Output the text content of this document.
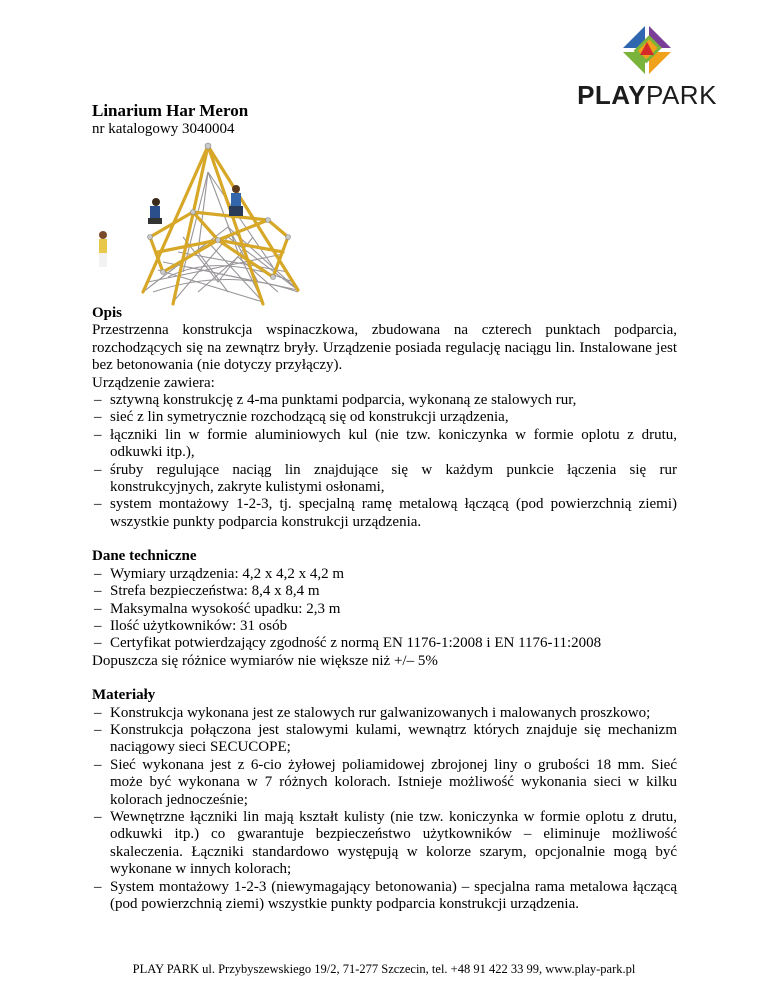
PLAYPARK
Linarium Har Meron
nr katalogowy 3040004
Opis

Przestrzenna konstrukcja wspinaczkowa, zbudowana na czterech punktach podparcia, rozchodzących się na zewnątrz bryły. Urządzenie posiada regulację naciągu lin. Instalowane jest bez betonowania (nie dotyczy przyłączy).

Urządzenie zawiera:

– sztywną konstrukcję z 4-ma punktami podparcia, wykonaną ze stalowych rur,
– sieć z lin symetrycznie rozchodzącą się od konstrukcji urządzenia,
– łączniki lin w formie aluminiowych kul (nie tzw. koniczynka w formie oplotu z drutu, odkuwki itp.),
– śruby regulujące naciąg lin znajdujące się w każdym punkcie łączenia się rur konstrukcyjnych, zakryte kulistymi osłonami,
– system montażowy 1-2-3, tj. specjalną ramę metalową łączącą (pod powierzchnią ziemi) wszystkie punkty podparcia konstrukcji urządzenia.
Dane techniczne
– Wymiary urządzenia: 4,2 x 4,2 x 4,2 m
– Strefa bezpieczeństwa: 8,4 x 8,4 m
– Maksymalna wysokość upadku: 2,3 m
– Ilość użytkowników: 31 osób
– Certyfikat potwierdzający zgodność z normą EN 1176-1:2008 i EN 1176-11:2008

Dopuszcza się różnice wymiarów nie większe niż +/– 5%

Materiały
– Konstrukcja wykonana jest ze stalowych rur galwanizowanych i malowanych proszkowo;
– Konstrukcja połączona jest stalowymi kulami, wewnątrz których znajduje się mechanizm naciągowy sieci SECUCOPE;
– Sieć wykonana jest z 6-cio żyłowej poliamidowej zbrojonej liny o grubości 18 mm. Sieć może być wykonana w 7 różnych kolorach. Istnieje możliwość wykonania sieci w kilku kolorach jednocześnie;
– Wewnętrzne łączniki lin mają kształt kulisty (nie tzw. koniczynka w formie oplotu z drutu, odkuwki itp.) co gwarantuje bezpieczeństwo użytkowników – eliminuje możliwość skaleczenia. Łączniki standardowo występują w kolorze szarym, opcjonalnie mogą być wykonane w innych kolorach;
– System montażowy 1-2-3 (niewymagający betonowania) – specjalna rama metalowa łączącą (pod powierzchnią ziemi) wszystkie punkty podparcia konstrukcji urządzenia.
PLAY PARK ul. Przybyszewskiego 19/2, 71-277 Szczecin, tel. +48 91 422 33 99, www.play-park.pl
